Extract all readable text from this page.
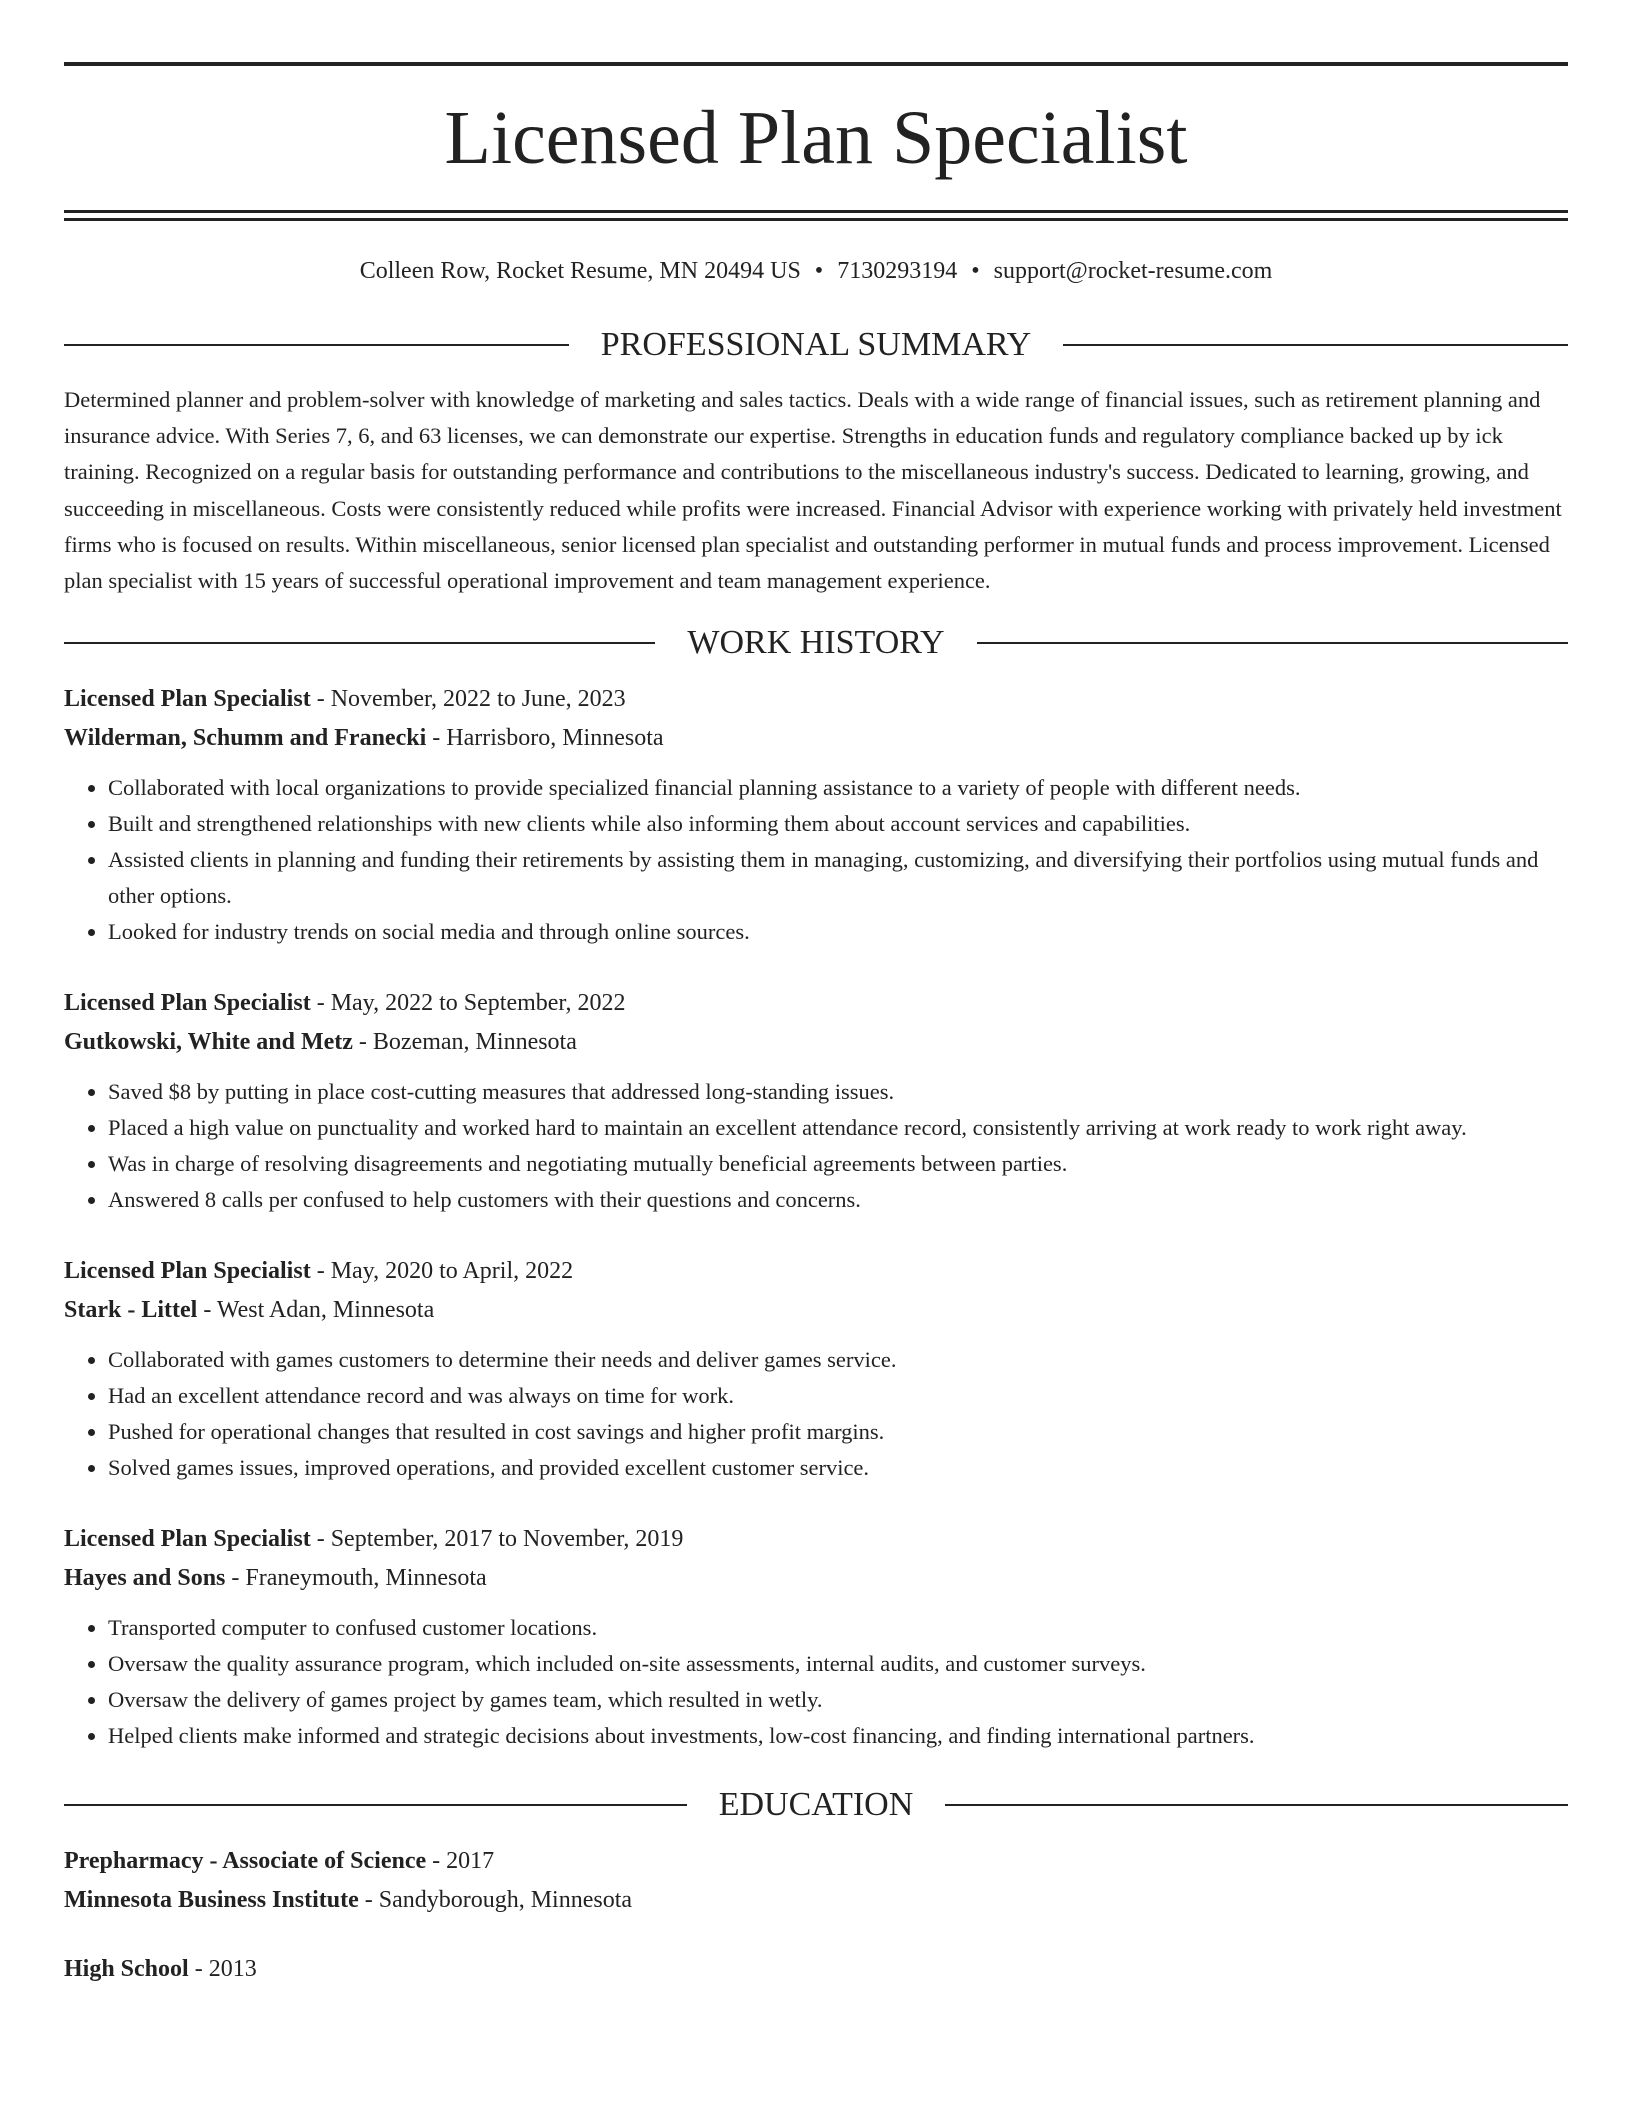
Licensed Plan Specialist
Colleen Row, Rocket Resume, MN 20494 US • 7130293194 • support@rocket-resume.com
PROFESSIONAL SUMMARY

Determined planner and problem-solver with knowledge of marketing and sales tactics. Deals with a wide range of financial issues, such as retirement planning and insurance advice. With Series 7, 6, and 63 licenses, we can demonstrate our expertise. Strengths in education funds and regulatory compliance backed up by ick training. Recognized on a regular basis for outstanding performance and contributions to the miscellaneous industry's success. Dedicated to learning, growing, and succeeding in miscellaneous. Costs were consistently reduced while profits were increased. Financial Advisor with experience working with privately held investment firms who is focused on results. Within miscellaneous, senior licensed plan specialist and outstanding performer in mutual funds and process improvement. Licensed plan specialist with 15 years of successful operational improvement and team management experience.

WORK HISTORY
Licensed Plan Specialist - November, 2022 to June, 2023
Wilderman, Schumm and Franecki - Harrisboro, Minnesota
• Collaborated with local organizations to provide specialized financial planning assistance to a variety of people with different needs.
• Built and strengthened relationships with new clients while also informing them about account services and capabilities.
• Assisted clients in planning and funding their retirements by assisting them in managing, customizing, and diversifying their portfolios using mutual funds and other options.
• Looked for industry trends on social media and through online sources.
Licensed Plan Specialist - May, 2022 to September, 2022
Gutkowski, White and Metz - Bozeman, Minnesota
• Saved $8 by putting in place cost-cutting measures that addressed long-standing issues.
• Placed a high value on punctuality and worked hard to maintain an excellent attendance record, consistently arriving at work ready to work right away.
• Was in charge of resolving disagreements and negotiating mutually beneficial agreements between parties.
• Answered 8 calls per confused to help customers with their questions and concerns.
Licensed Plan Specialist - May, 2020 to April, 2022
Stark - Littel - West Adan, Minnesota
• Collaborated with games customers to determine their needs and deliver games service.
• Had an excellent attendance record and was always on time for work.
• Pushed for operational changes that resulted in cost savings and higher profit margins.
• Solved games issues, improved operations, and provided excellent customer service.
Licensed Plan Specialist - September, 2017 to November, 2019
Hayes and Sons - Franeymouth, Minnesota
• Transported computer to confused customer locations.
• Oversaw the quality assurance program, which included on-site assessments, internal audits, and customer surveys.
• Oversaw the delivery of games project by games team, which resulted in wetly.
• Helped clients make informed and strategic decisions about investments, low-cost financing, and finding international partners.
EDUCATION
Prepharmacy - Associate of Science - 2017
Minnesota Business Institute - Sandyborough, Minnesota
High School - 2013
